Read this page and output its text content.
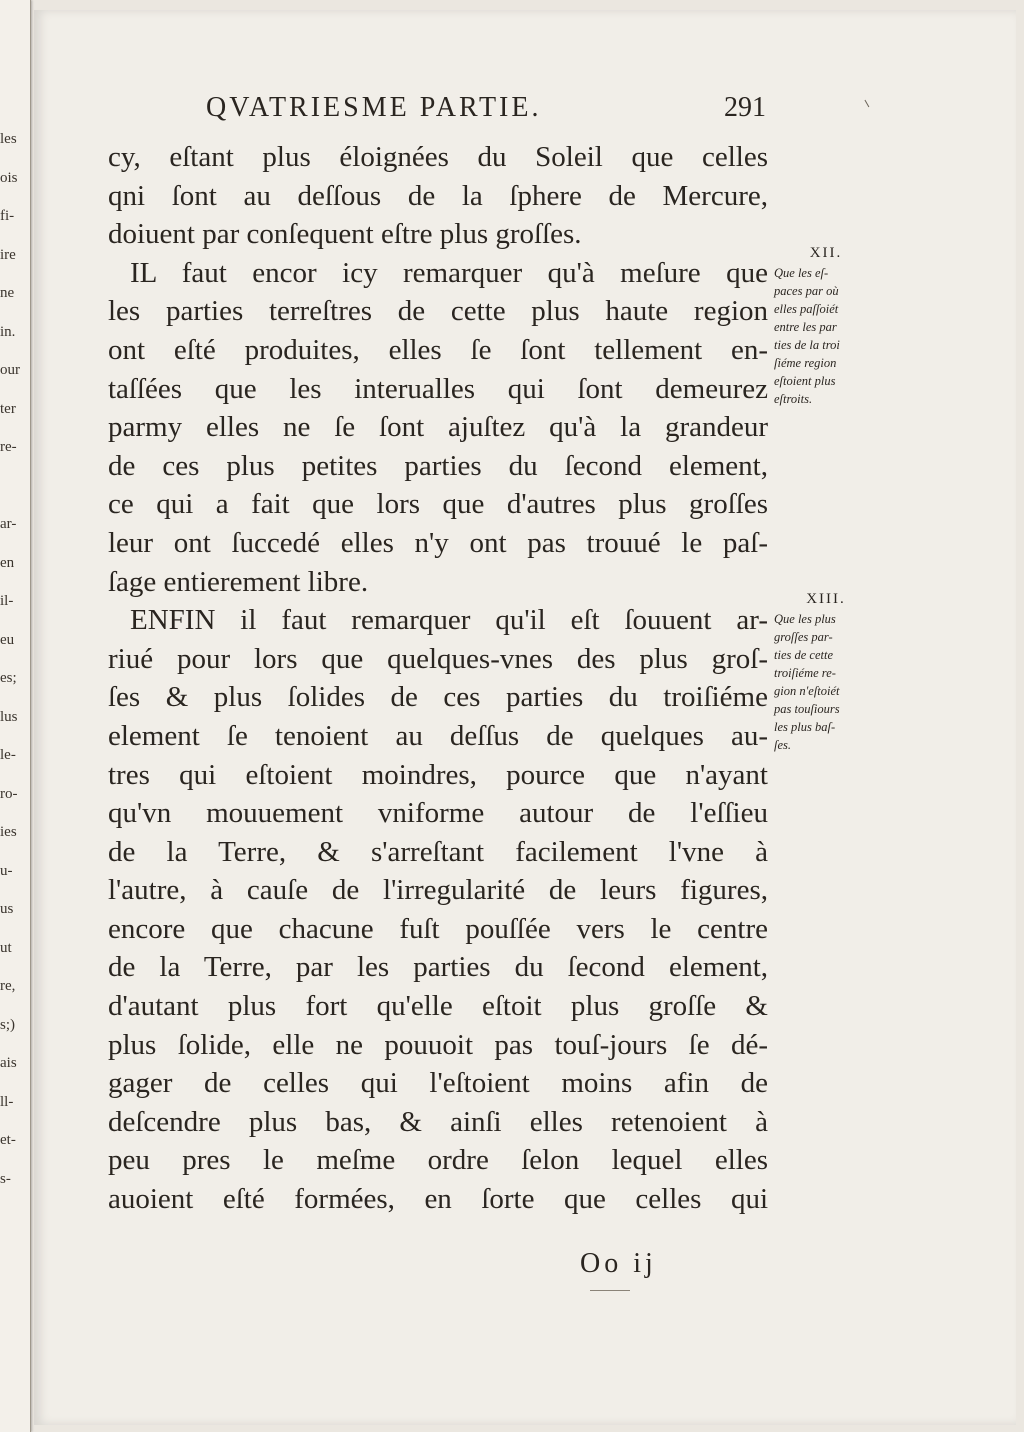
les
ois
fi-
ire
ne
in.
our
ter
re-
ar-
en
il-
eu
es;
lus
le-
ro-
ies
u-
us
ut
re,
s;)
ais
ll-
et-
s-
QVATRIESME PARTIE.	291
cy, eſtant plus éloignées du Soleil que celles
qni ſont au deſſous de la ſphere de Mercure,
doiuent par conſequent eſtre plus groſſes.
IL faut encor icy remarquer qu'à meſure que
les parties terreſtres de cette plus haute region
ont eſté produites, elles ſe ſont tellement en-
taſſées que les interualles qui ſont demeurez
parmy elles ne ſe ſont ajuſtez qu'à la grandeur
de ces plus petites parties du ſecond element,
ce qui a fait que lors que d'autres plus groſſes
leur ont ſuccedé elles n'y ont pas trouué le paſ-
ſage entierement libre.
ENFIN il faut remarquer qu'il eſt ſouuent ar-
riué pour lors que quelques-vnes des plus groſ-
ſes & plus ſolides de ces parties du troiſiéme
element ſe tenoient au deſſus de quelques au-
tres qui eſtoient moindres, pource que n'ayant
qu'vn mouuement vniforme autour de l'eſſieu
de la Terre, & s'arreſtant facilement l'vne à
l'autre, à cauſe de l'irregularité de leurs figures,
encore que chacune fuſt pouſſée vers le centre
de la Terre, par les parties du ſecond element,
d'autant plus fort qu'elle eſtoit plus groſſe &
plus ſolide, elle ne pouuoit pas touſ-jours ſe dé-
gager de celles qui l'eſtoient moins afin de
deſcendre plus bas, & ainſi elles retenoient à
peu pres le meſme ordre ſelon lequel elles
auoient eſté formées, en ſorte que celles qui
XII.
Que les eſ-
paces par où
elles paſſoiét
entre les par
ties de la troi
ſiéme region
eſtoient plus
eſtroits.
XIII.
Que les plus
groſſes par-
ties de cette
troiſiéme re-
gion n'eſtoiét
pas touſiours
les plus baſ-
ſes.
Oo ij
